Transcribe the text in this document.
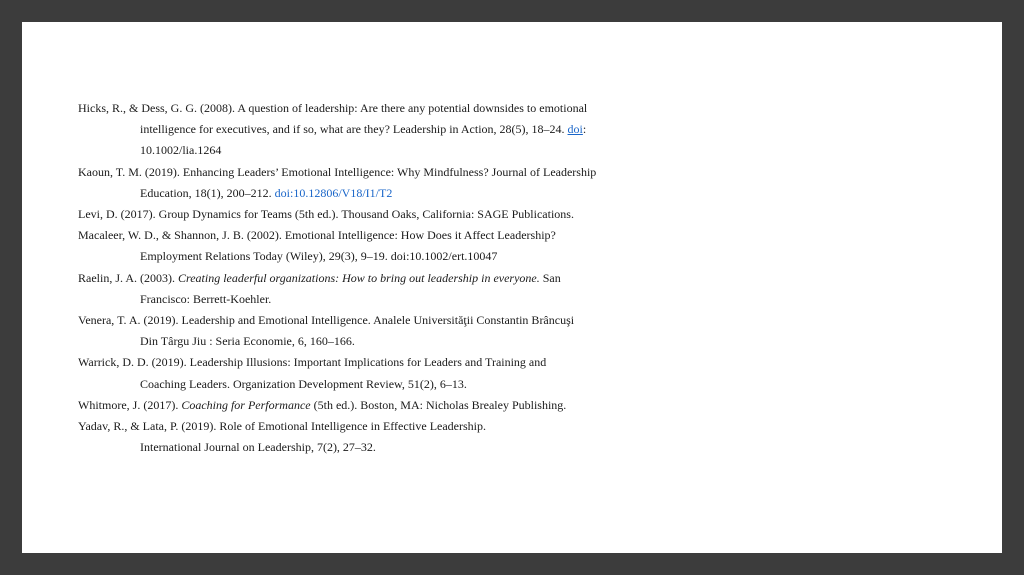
Hicks, R., & Dess, G. G. (2008). A question of leadership: Are there any potential downsides to emotional intelligence for executives, and if so, what are they? Leadership in Action, 28(5), 18–24. doi: 10.1002/lia.1264

Kaoun, T. M. (2019). Enhancing Leaders’ Emotional Intelligence: Why Mindfulness? Journal of Leadership Education, 18(1), 200–212. doi:10.12806/V18/I1/T2

Levi, D. (2017). Group Dynamics for Teams (5th ed.). Thousand Oaks, California: SAGE Publications.

Macaleer, W. D., & Shannon, J. B. (2002). Emotional Intelligence: How Does it Affect Leadership? Employment Relations Today (Wiley), 29(3), 9–19. doi:10.1002/ert.10047

Raelin, J. A. (2003). Creating leaderful organizations: How to bring out leadership in everyone. San Francisco: Berrett-Koehler.

Venera, T. A. (2019). Leadership and Emotional Intelligence. Analele Universităţii Constantin Brâncuşi Din Târgu Jiu : Seria Economie, 6, 160–166.

Warrick, D. D. (2019). Leadership Illusions: Important Implications for Leaders and Training and Coaching Leaders. Organization Development Review, 51(2), 6–13.

Whitmore, J. (2017). Coaching for Performance (5th ed.). Boston, MA: Nicholas Brealey Publishing.

Yadav, R., & Lata, P. (2019). Role of Emotional Intelligence in Effective Leadership. International Journal on Leadership, 7(2), 27–32.
